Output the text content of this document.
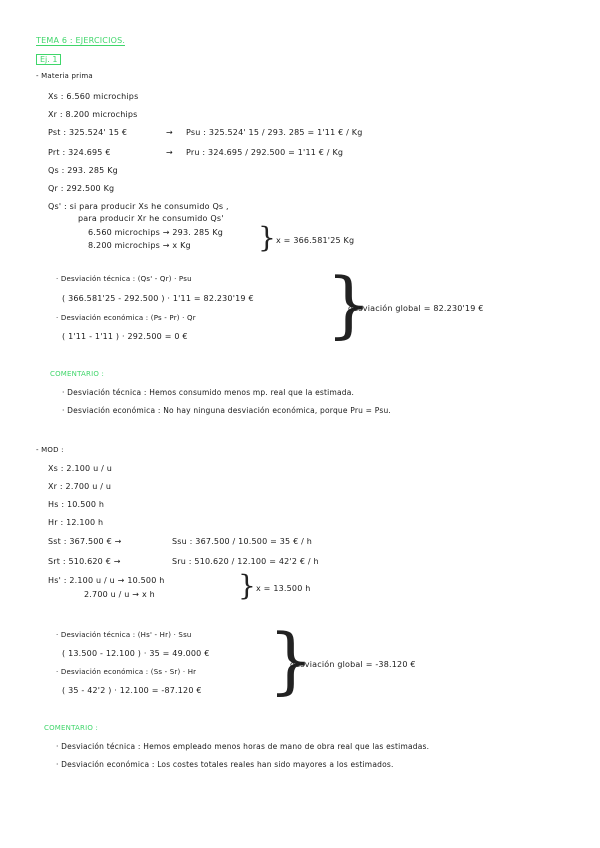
TEMA 6 : EJERCICIOS.
Ej. 1
- Materia prima
Xs : 6.560 microchips
Xr : 8.200 microchips
Pst : 325.524' 15 €	→ Psu : 325.524' 15 / 293. 285 = 1'11 € / Kg
Prt : 324.695 €	→ Pru : 324.695 / 292.500 = 1'11 € / Kg
Qs : 293. 285 Kg
Qr : 292.500 Kg
Qs' : si para producir Xs he consumido Qs ,
para producir Xr he consumido Qs'
6.560 microchips → 293. 285 Kg
8.200 microchips → x Kg } x = 366.581'25 Kg
· Desviación técnica : (Qs' - Qr) · Psu
( 366.581'25 - 292.500 ) · 1'11 = 82.230'19 €
· Desviación económica : (Ps - Pr) · Qr
( 1'11 - 1'11 ) · 292.500 = 0 € }
desviación global = 82.230'19 €
COMENTARIO :
· Desviación técnica : Hemos consumido menos mp. real que la estimada.
· Desviación económica : No hay ninguna desviación económica, porque Pru = Psu.
- MOD :
Xs : 2.100 u / u
Xr : 2.700 u / u
Hs : 10.500 h
Hr : 12.100 h
Sst : 367.500 € →	Ssu : 367.500 / 10.500 = 35 € / h
Srt : 510.620 € →	Sru : 510.620 / 12.100 = 42'2 € / h
Hs' : 2.100 u / u → 10.500 h
2.700 u / u → x h	} x = 13.500 h
· Desviación técnica : (Hs' - Hr) · Ssu
( 13.500 - 12.100 ) · 35 = 49.000 €
· Desviación económica : (Ss - Sr) · Hr
( 35 - 42'2 ) · 12.100 = -87.120 € }
desviación global = -38.120 €
COMENTARIO :
· Desviación técnica : Hemos empleado menos horas de mano de obra real que las estimadas.
· Desviación económica : Los costes totales reales han sido mayores a los estimados.
